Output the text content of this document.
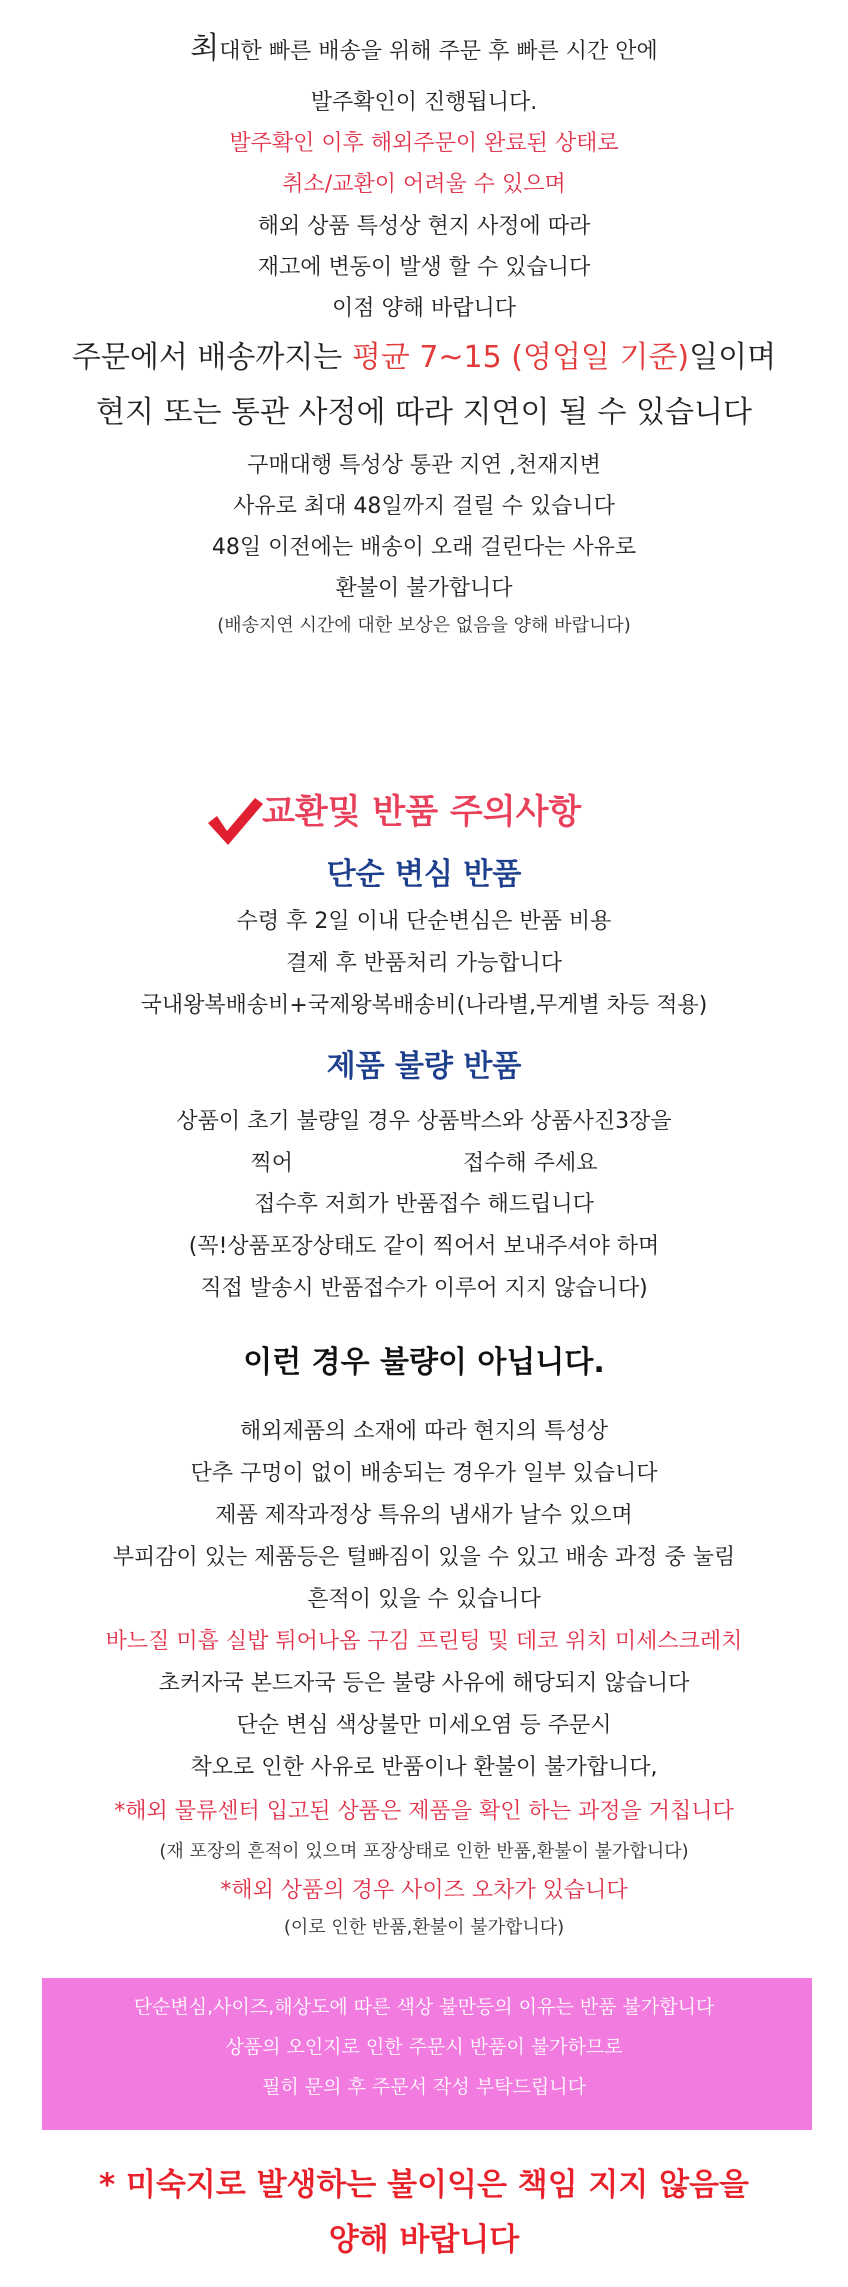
최대한 빠른 배송을 위해 주문 후 빠른 시간 안에
발주확인이 진행됩니다.
발주확인 이후 해외주문이 완료된 상태로
취소/교환이 어려울 수 있으며
해외 상품 특성상 현지 사정에 따라
재고에 변동이 발생 할 수 있습니다
이점 양해 바랍니다
주문에서 배송까지는 평균 7~15 (영업일 기준)일이며
현지 또는 통관 사정에 따라 지연이 될 수 있습니다
구매대행 특성상 통관 지연 ,천재지변
사유로 최대 48일까지 걸릴 수 있습니다
48일 이전에는 배송이 오래 걸린다는 사유로
환불이 불가합니다
(배송지연 시간에 대한 보상은 없음을 양해 바랍니다)
교환및 반품 주의사항
단순 변심 반품
수령 후 2일 이내 단순변심은 반품 비용
결제 후 반품처리 가능합니다
국내왕복배송비+국제왕복배송비(나라별,무게별 차등 적용)
제품 불량 반품
상품이 초기 불량일 경우 상품박스와 상품사진3장을
찍어	접수해 주세요
접수후 저희가 반품접수 해드립니다
(꼭!상품포장상태도 같이 찍어서 보내주셔야 하며
직접 발송시 반품접수가 이루어 지지 않습니다)
이런 경우 불량이 아닙니다.
해외제품의 소재에 따라 현지의 특성상
단추 구멍이 없이 배송되는 경우가 일부 있습니다
제품 제작과정상 특유의 냄새가 날수 있으며
부피감이 있는 제품등은 털빠짐이 있을 수 있고 배송 과정 중 눌림
흔적이 있을 수 있습니다
바느질 미흡 실밥 튀어나옴 구김 프린팅 및 데코 위치 미세스크레치
초커자국 본드자국 등은 불량 사유에 해당되지 않습니다
단순 변심 색상불만 미세오염 등 주문시
착오로 인한 사유로 반품이나 환불이 불가합니다,
*해외 물류센터 입고된 상품은 제품을 확인 하는 과정을 거칩니다
(재 포장의 흔적이 있으며 포장상태로 인한 반품,환불이 불가합니다)
*해외 상품의 경우 사이즈 오차가 있습니다
(이로 인한 반품,환불이 불가합니다)
단순변심,사이즈,해상도에 따른 색상 불만등의 이유는 반품 불가합니다
상품의 오인지로 인한 주문시 반품이 불가하므로
필히 문의 후 주문서 작성 부탁드립니다
* 미숙지로 발생하는 불이익은 책임 지지 않음을
양해 바랍니다
